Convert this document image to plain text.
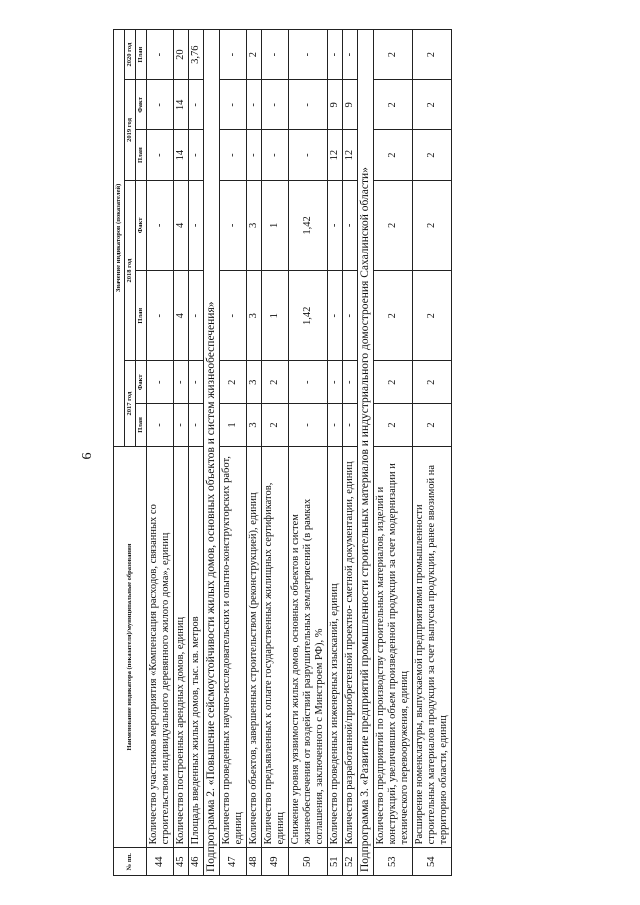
6
№ пп.	Наименование индикатора (показателя)/муниципальные образования	Значение индикаторов (показателей)						
		2017 год		2018 год		2019 год		2020 год
		План	Факт	План	Факт	План	Факт	План
44	Количество участников мероприятия «Компенсация расходов, связанных со строительством индивидуального деревянного жилого дома», единиц	-	-	-	-	-	-	-
45	Количество построенных арендных домов, единиц	-	-	4	4	14	14	20
46	Площадь введенных жилых домов, тыс. кв. метров	-	-	-	-	-	-	3,76
Подпрограмма 2. «Повышение сейсмоустойчивости жилых домов, основных объектов и систем жизнеобеспечения»								
47	Количество проведенных научно-исследовательских и опытно-конструкторских работ, единиц	1	2	-	-	-	-	-
48	Количество объектов, завершенных строительством (реконструкцией), единиц	3	3	3	3	-	-	2
49	Количество предъявленных к оплате государственных жилищных сертификатов, единиц	2	2	1	1	-	-	-
50	Снижение уровня уязвимости жилых домов, основных объектов и систем жизнеобеспечения от воздействий разрушительных землетрясений (в рамках соглашения, заключенного с Минстроем РФ), %	-	-	1,42	1,42	-	-	-
51	Количество проведенных инженерных изысканий, единиц	-	-	-	-	12	9	-
52	Количество разработанной/приобретенной проектно- сметной документации, единиц	-	-	-	-	12	9	-
Подпрограмма 3. «Развитие предприятий промышленности строительных материалов и индустриального домостроения Сахалинской области»								
53	Количество предприятий по производству строительных материалов, изделий и конструкций, увеличивших объем произведенной продукции за счет модернизации и технического перевооружения, единиц	2	2	2	2	2	2	2
54	Расширение номенклатуры, выпускаемой предприятиями промышленности строительных материалов продукции за счет выпуска продукции, ранее ввозимой на территорию области, единиц	2	2	2	2	2	2	2
